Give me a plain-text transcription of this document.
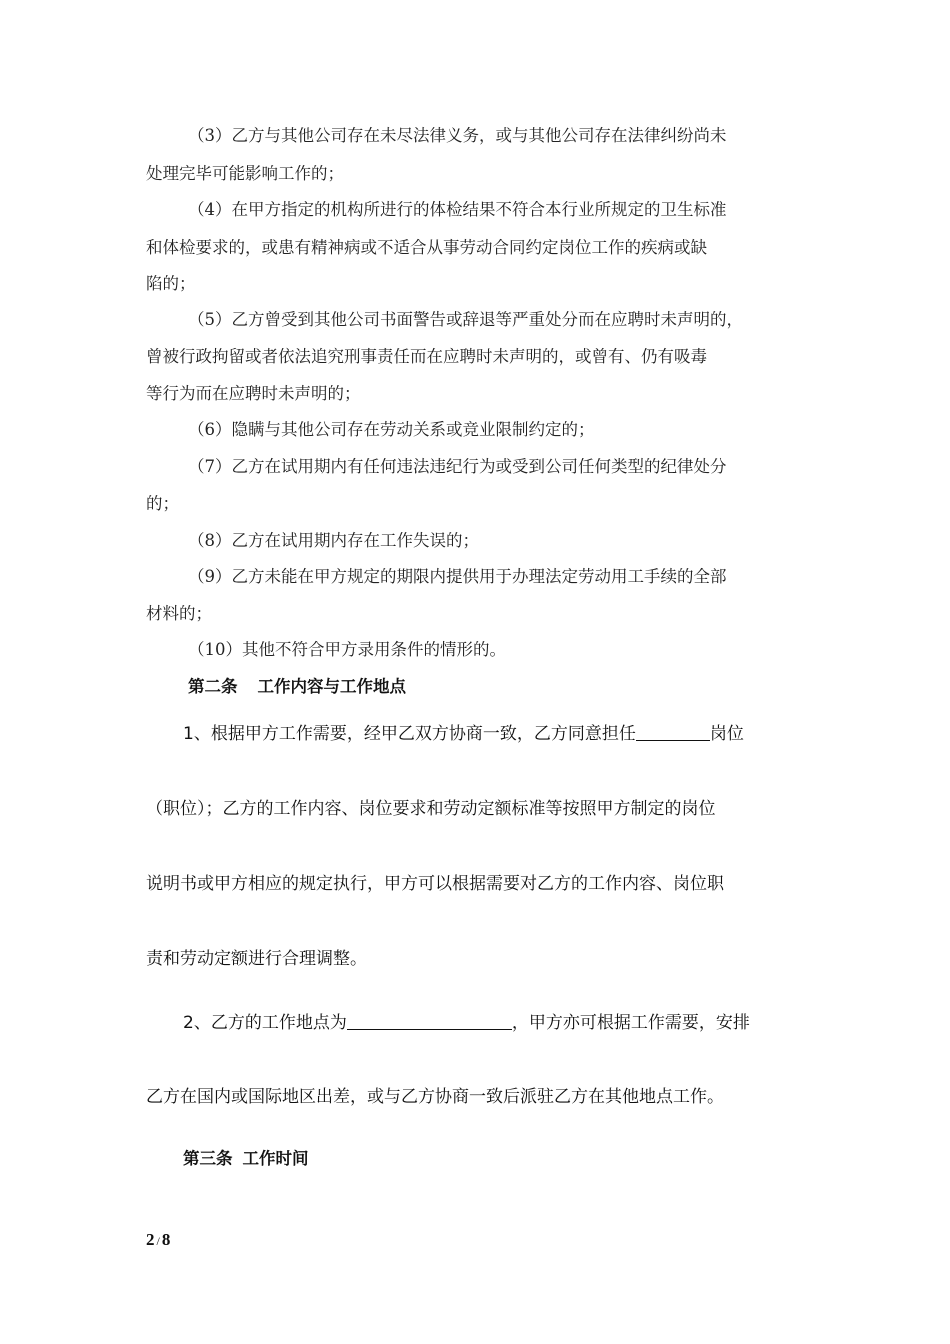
（3）乙方与其他公司存在未尽法律义务，或与其他公司存在法律纠纷尚未
处理完毕可能影响工作的；
（4）在甲方指定的机构所进行的体检结果不符合本行业所规定的卫生标准
和体检要求的，或患有精神病或不适合从事劳动合同约定岗位工作的疾病或缺
陷的；
（5）乙方曾受到其他公司书面警告或辞退等严重处分而在应聘时未声明的，
曾被行政拘留或者依法追究刑事责任而在应聘时未声明的，或曾有、仍有吸毒
等行为而在应聘时未声明的；
（6）隐瞒与其他公司存在劳动关系或竞业限制约定的；
（7）乙方在试用期内有任何违法违纪行为或受到公司任何类型的纪律处分
的；
（8）乙方在试用期内存在工作失误的；
（9）乙方未能在甲方规定的期限内提供用于办理法定劳动用工手续的全部
材料的；
（10）其他不符合甲方录用条件的情形的。
第二条 工作内容与工作地点
1、根据甲方工作需要，经甲乙双方协商一致，乙方同意担任	岗位
（职位）；乙方的工作内容、岗位要求和劳动定额标准等按照甲方制定的岗位
说明书或甲方相应的规定执行，甲方可以根据需要对乙方的工作内容、岗位职
责和劳动定额进行合理调整。
2、乙方的工作地点为	，甲方亦可根据工作需要，安排
乙方在国内或国际地区出差，或与乙方协商一致后派驻乙方在其他地点工作。
第三条 工作时间
2 / 8
